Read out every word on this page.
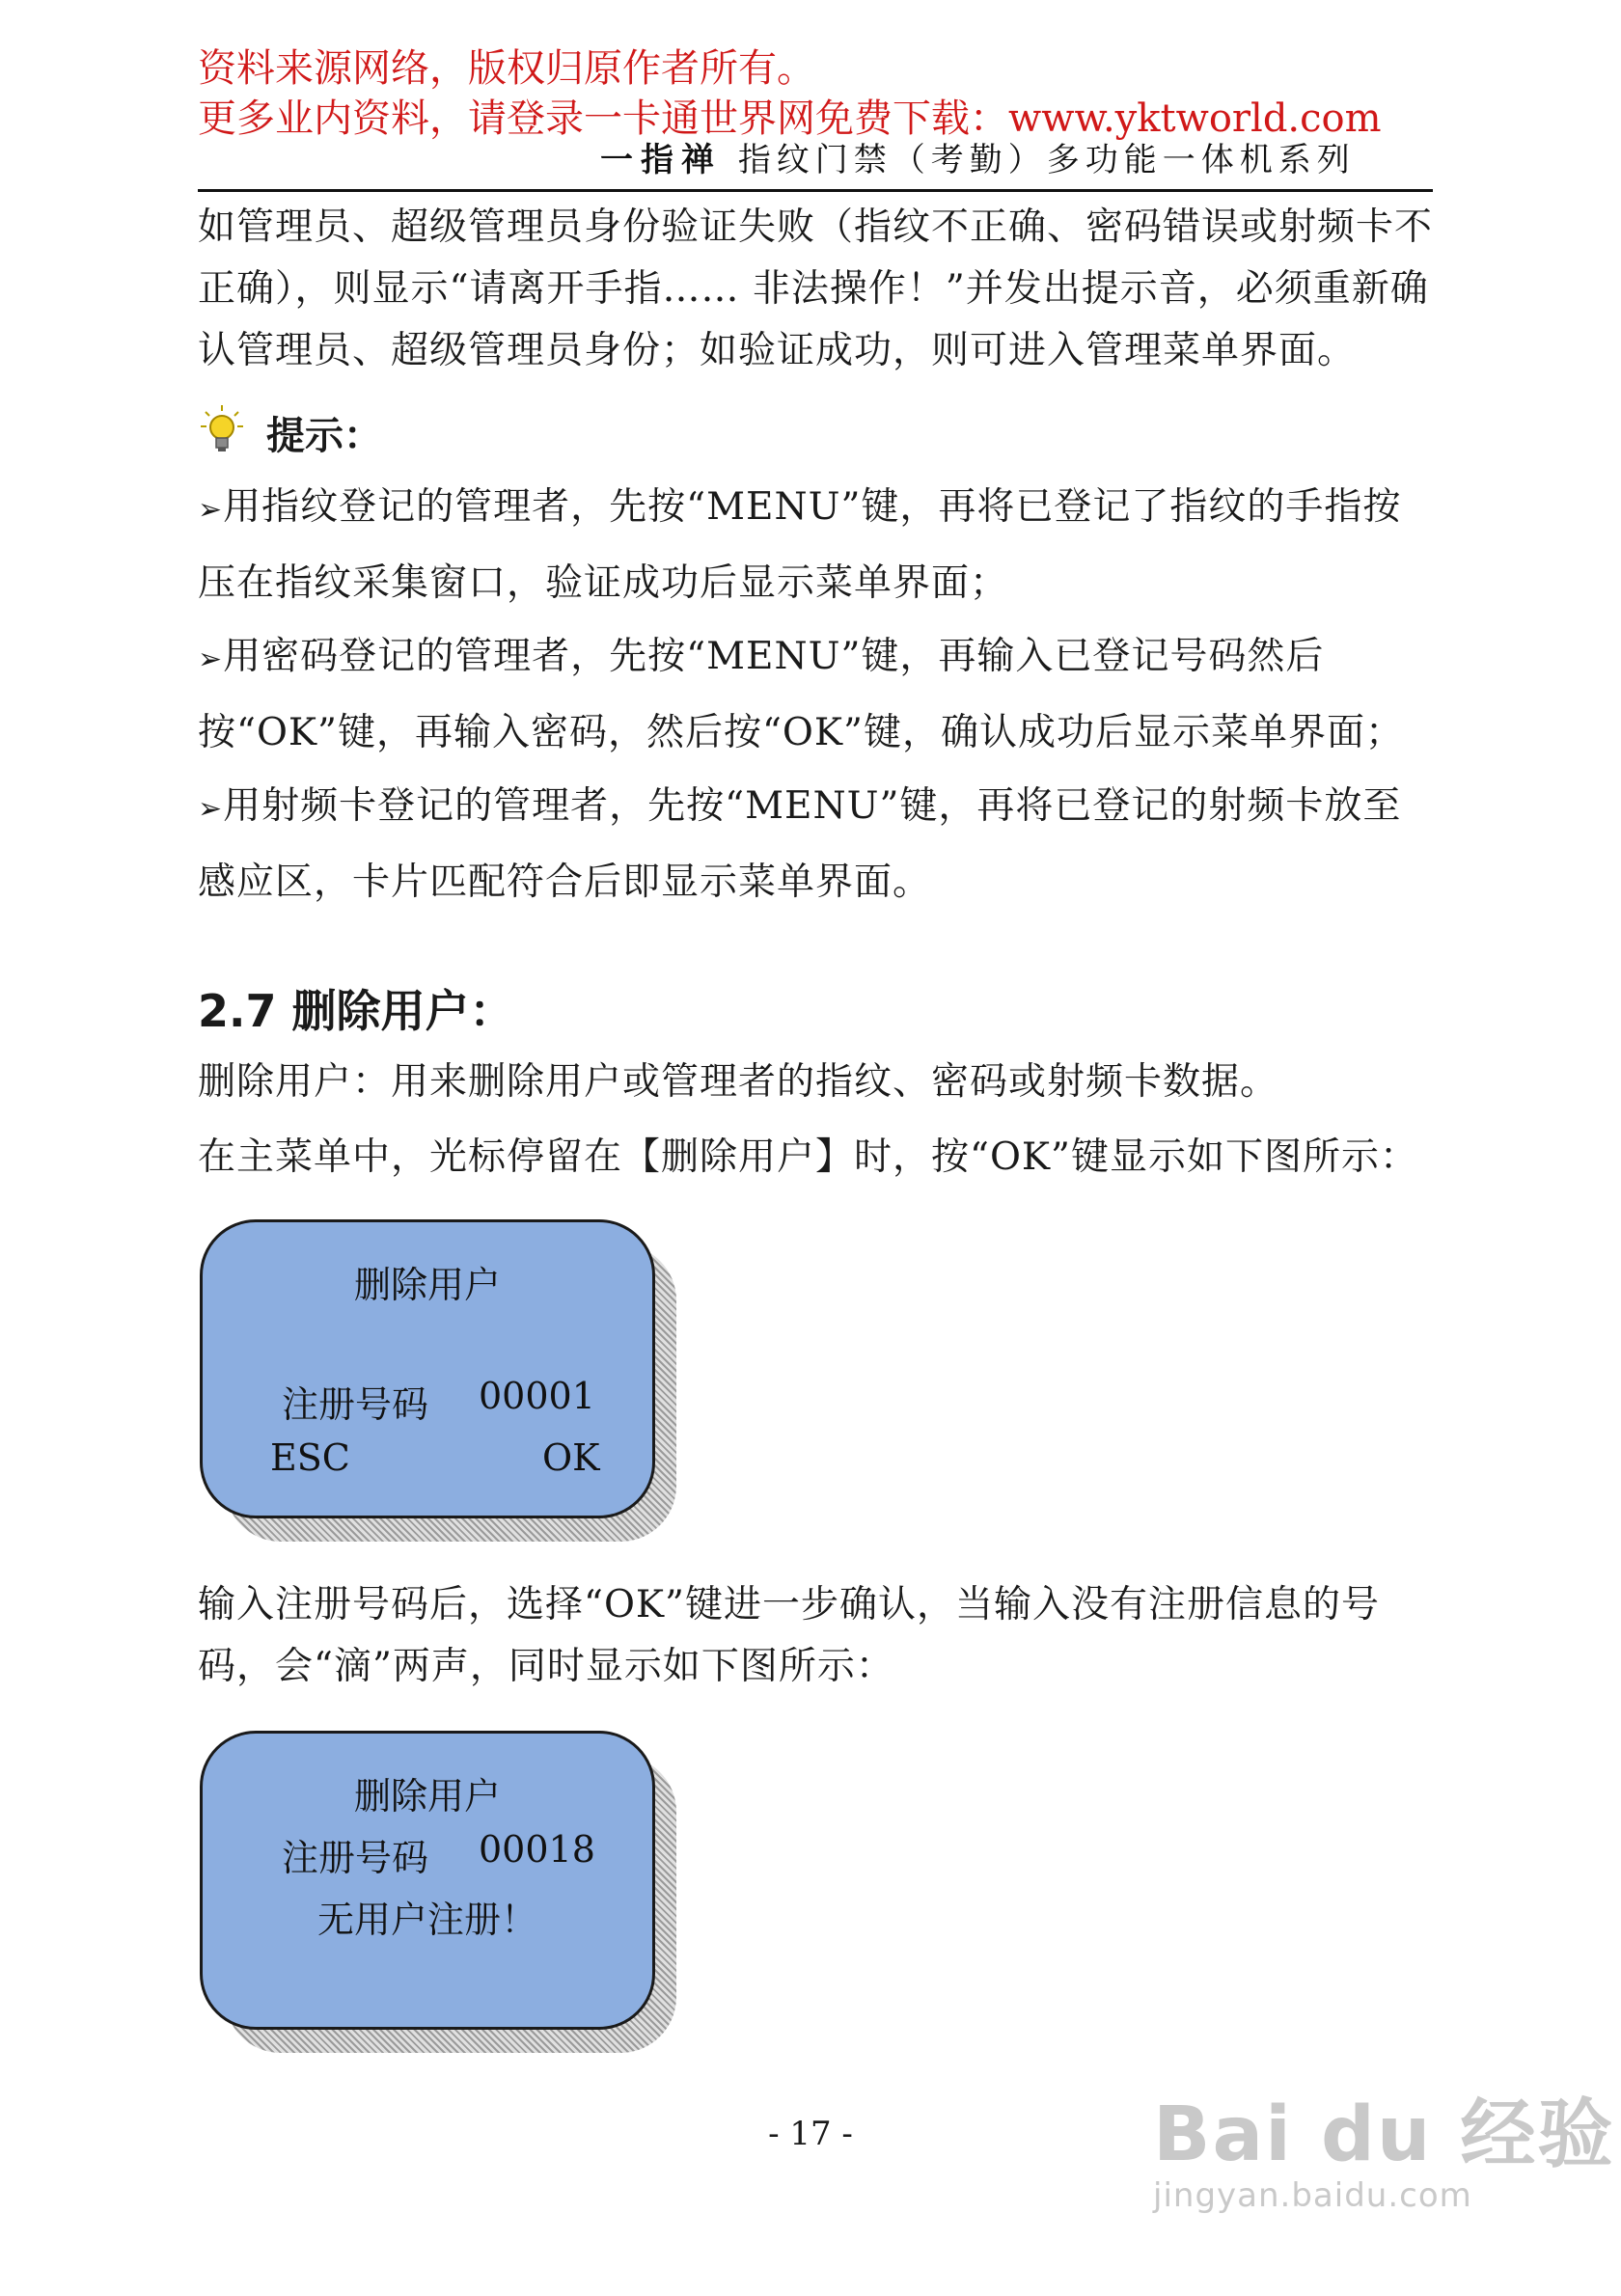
资料来源网络，版权归原作者所有。
更多业内资料，请登录一卡通世界网免费下载：www.yktworld.com
一指禅 指纹门禁（考勤）多功能一体机系列

如管理员、超级管理员身份验证失败（指纹不正确、密码错误或射频卡不正确），则显示“请离开手指…… 非法操作！”并发出提示音，必须重新确认管理员、超级管理员身份；如验证成功，则可进入管理菜单界面。

提示：

➢用指纹登记的管理者，先按“MENU”键，再将已登记了指纹的手指按压在指纹采集窗口，验证成功后显示菜单界面；

➢用密码登记的管理者，先按“MENU”键，再输入已登记号码然后按“OK”键，再输入密码，然后按“OK”键，确认成功后显示菜单界面；

➢用射频卡登记的管理者，先按“MENU”键，再将已登记的射频卡放至感应区，卡片匹配符合后即显示菜单界面。

2.7 删除用户：

删除用户：用来删除用户或管理者的指纹、密码或射频卡数据。

在主菜单中，光标停留在【删除用户】时，按“OK”键显示如下图所示：

删除用户
注册号码 00001
ESC	OK

输入注册号码后，选择“OK”键进一步确认，当输入没有注册信息的号码，会“滴”两声，同时显示如下图所示：

删除用户
注册号码 00018
无用户注册！
- 17 -	Bai du 经验
jingyan.baidu.com
